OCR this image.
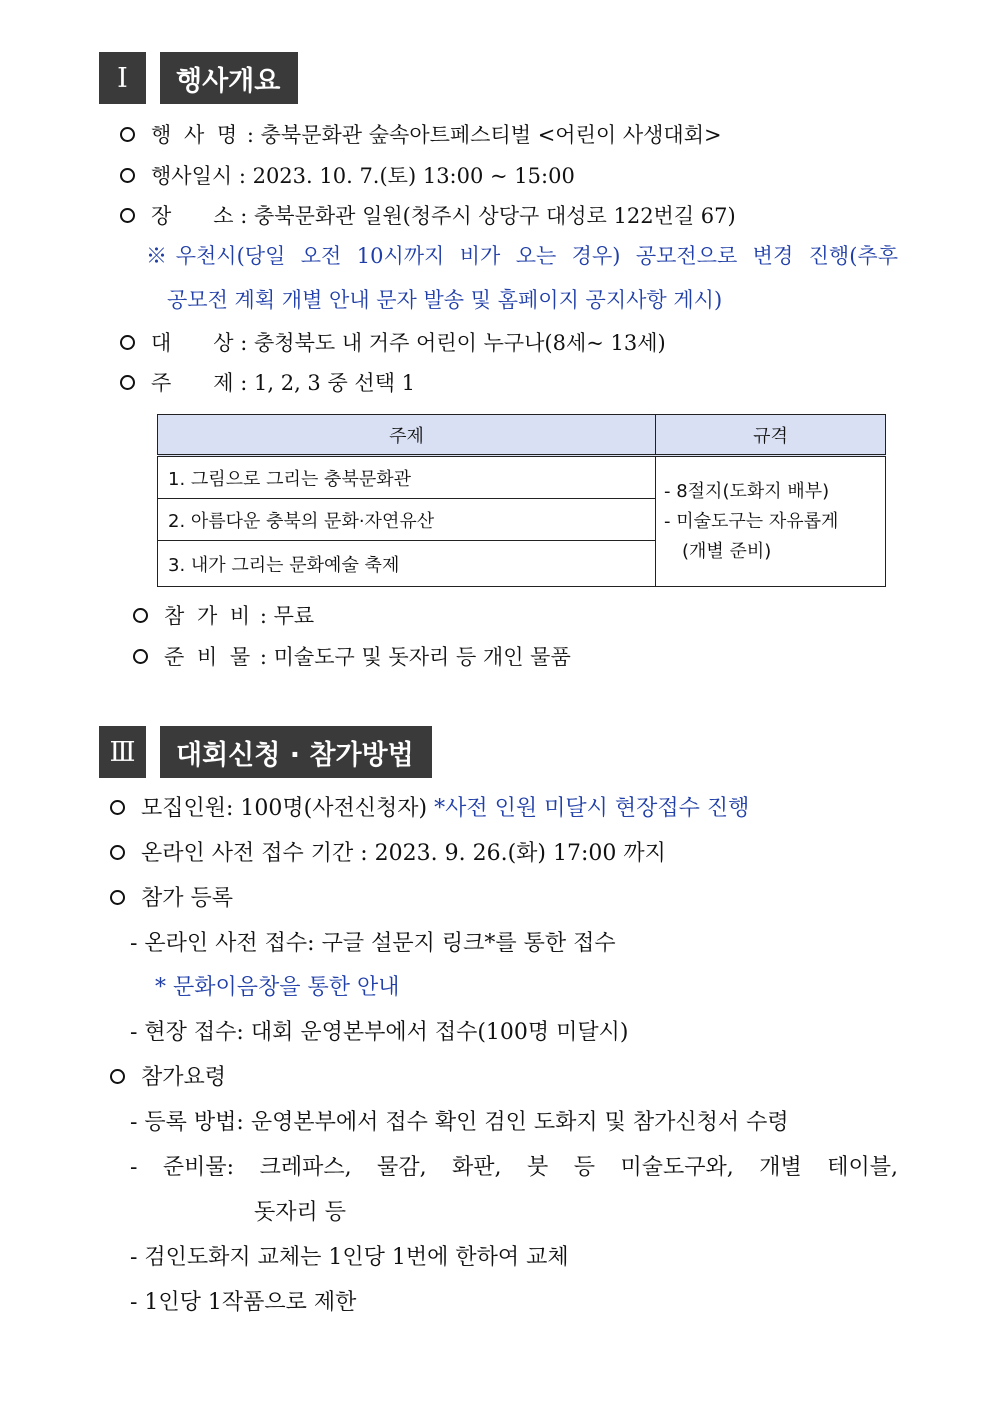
Ⅰ	행사개요
행 사 명 : 충북문화관 숲속아트페스티벌 <어린이 사생대회>
행사일시 : 2023. 10. 7.(토) 13:00 ~ 15:00
장　　소 : 충북문화관 일원(청주시 상당구 대성로 122번길 67)
※우천시(당일 오전 10시까지 비가 오는 경우) 공모전으로 변경 진행(추후
공모전 계획 개별 안내 문자 발송 및 홈페이지 공지사항 게시)
대　　상 : 충청북도 내 거주 어린이 누구나(8세~ 13세)
주　　제 : 1, 2, 3 중 선택 1
주제	규격
1. 그림으로 그리는 충북문화관	- 8절지(도화지 배부)
- 미술도구는 자유롭게
(개별 준비)

2. 아름다운 충북의 문화·자연유산	
3. 내가 그리는 문화예술 축제	
참 가 비 : 무료
준 비 물 : 미술도구 및 돗자리 등 개인 물품
Ⅲ	대회신청 · 참가방법
모집인원: 100명(사전신청자) *사전 인원 미달시 현장접수 진행
온라인 사전 접수 기간 : 2023. 9. 26.(화) 17:00 까지
참가 등록
- 온라인 사전 접수: 구글 설문지 링크*를 통한 접수
* 문화이음창을 통한 안내
- 현장 접수: 대회 운영본부에서 접수(100명 미달시)
참가요령
- 등록 방법: 운영본부에서 접수 확인 검인 도화지 및 참가신청서 수령
- 준비물: 크레파스, 물감, 화판, 붓 등 미술도구와, 개별 테이블,
돗자리 등
- 검인도화지 교체는 1인당 1번에 한하여 교체
- 1인당 1작품으로 제한
